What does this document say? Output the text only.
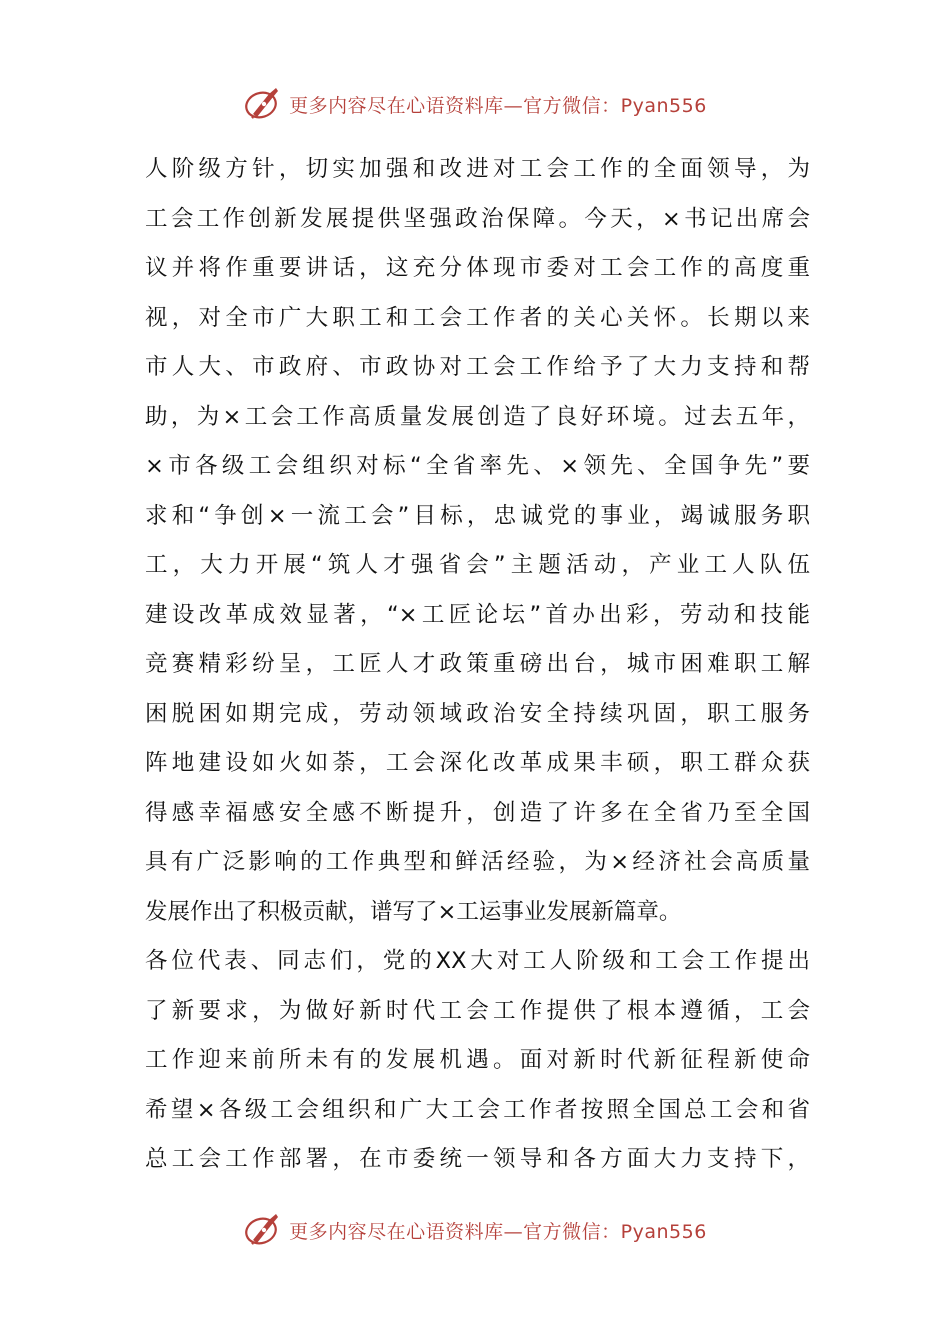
更多内容尽在心语资料库—官方微信：Pyan556
人阶级方针，切实加强和改进对工会工作的全面领导，为
工会工作创新发展提供坚强政治保障。今天，×书记出席会
议并将作重要讲话，这充分体现市委对工会工作的高度重
视，对全市广大职工和工会工作者的关心关怀。长期以来
市人大、市政府、市政协对工会工作给予了大力支持和帮
助，为×工会工作高质量发展创造了良好环境。过去五年，
×市各级工会组织对标“全省率先、×领先、全国争先”要
求和“争创×一流工会”目标，忠诚党的事业，竭诚服务职
工，大力开展“筑人才强省会”主题活动，产业工人队伍
建设改革成效显著，“×工匠论坛”首办出彩，劳动和技能
竞赛精彩纷呈，工匠人才政策重磅出台，城市困难职工解
困脱困如期完成，劳动领域政治安全持续巩固，职工服务
阵地建设如火如荼，工会深化改革成果丰硕，职工群众获
得感幸福感安全感不断提升，创造了许多在全省乃至全国
具有广泛影响的工作典型和鲜活经验，为×经济社会高质量
发展作出了积极贡献，谱写了×工运事业发展新篇章。
各位代表、同志们，党的XX大对工人阶级和工会工作提出
了新要求，为做好新时代工会工作提供了根本遵循，工会
工作迎来前所未有的发展机遇。面对新时代新征程新使命
希望×各级工会组织和广大工会工作者按照全国总工会和省
总工会工作部署，在市委统一领导和各方面大力支持下，
更多内容尽在心语资料库—官方微信：Pyan556
